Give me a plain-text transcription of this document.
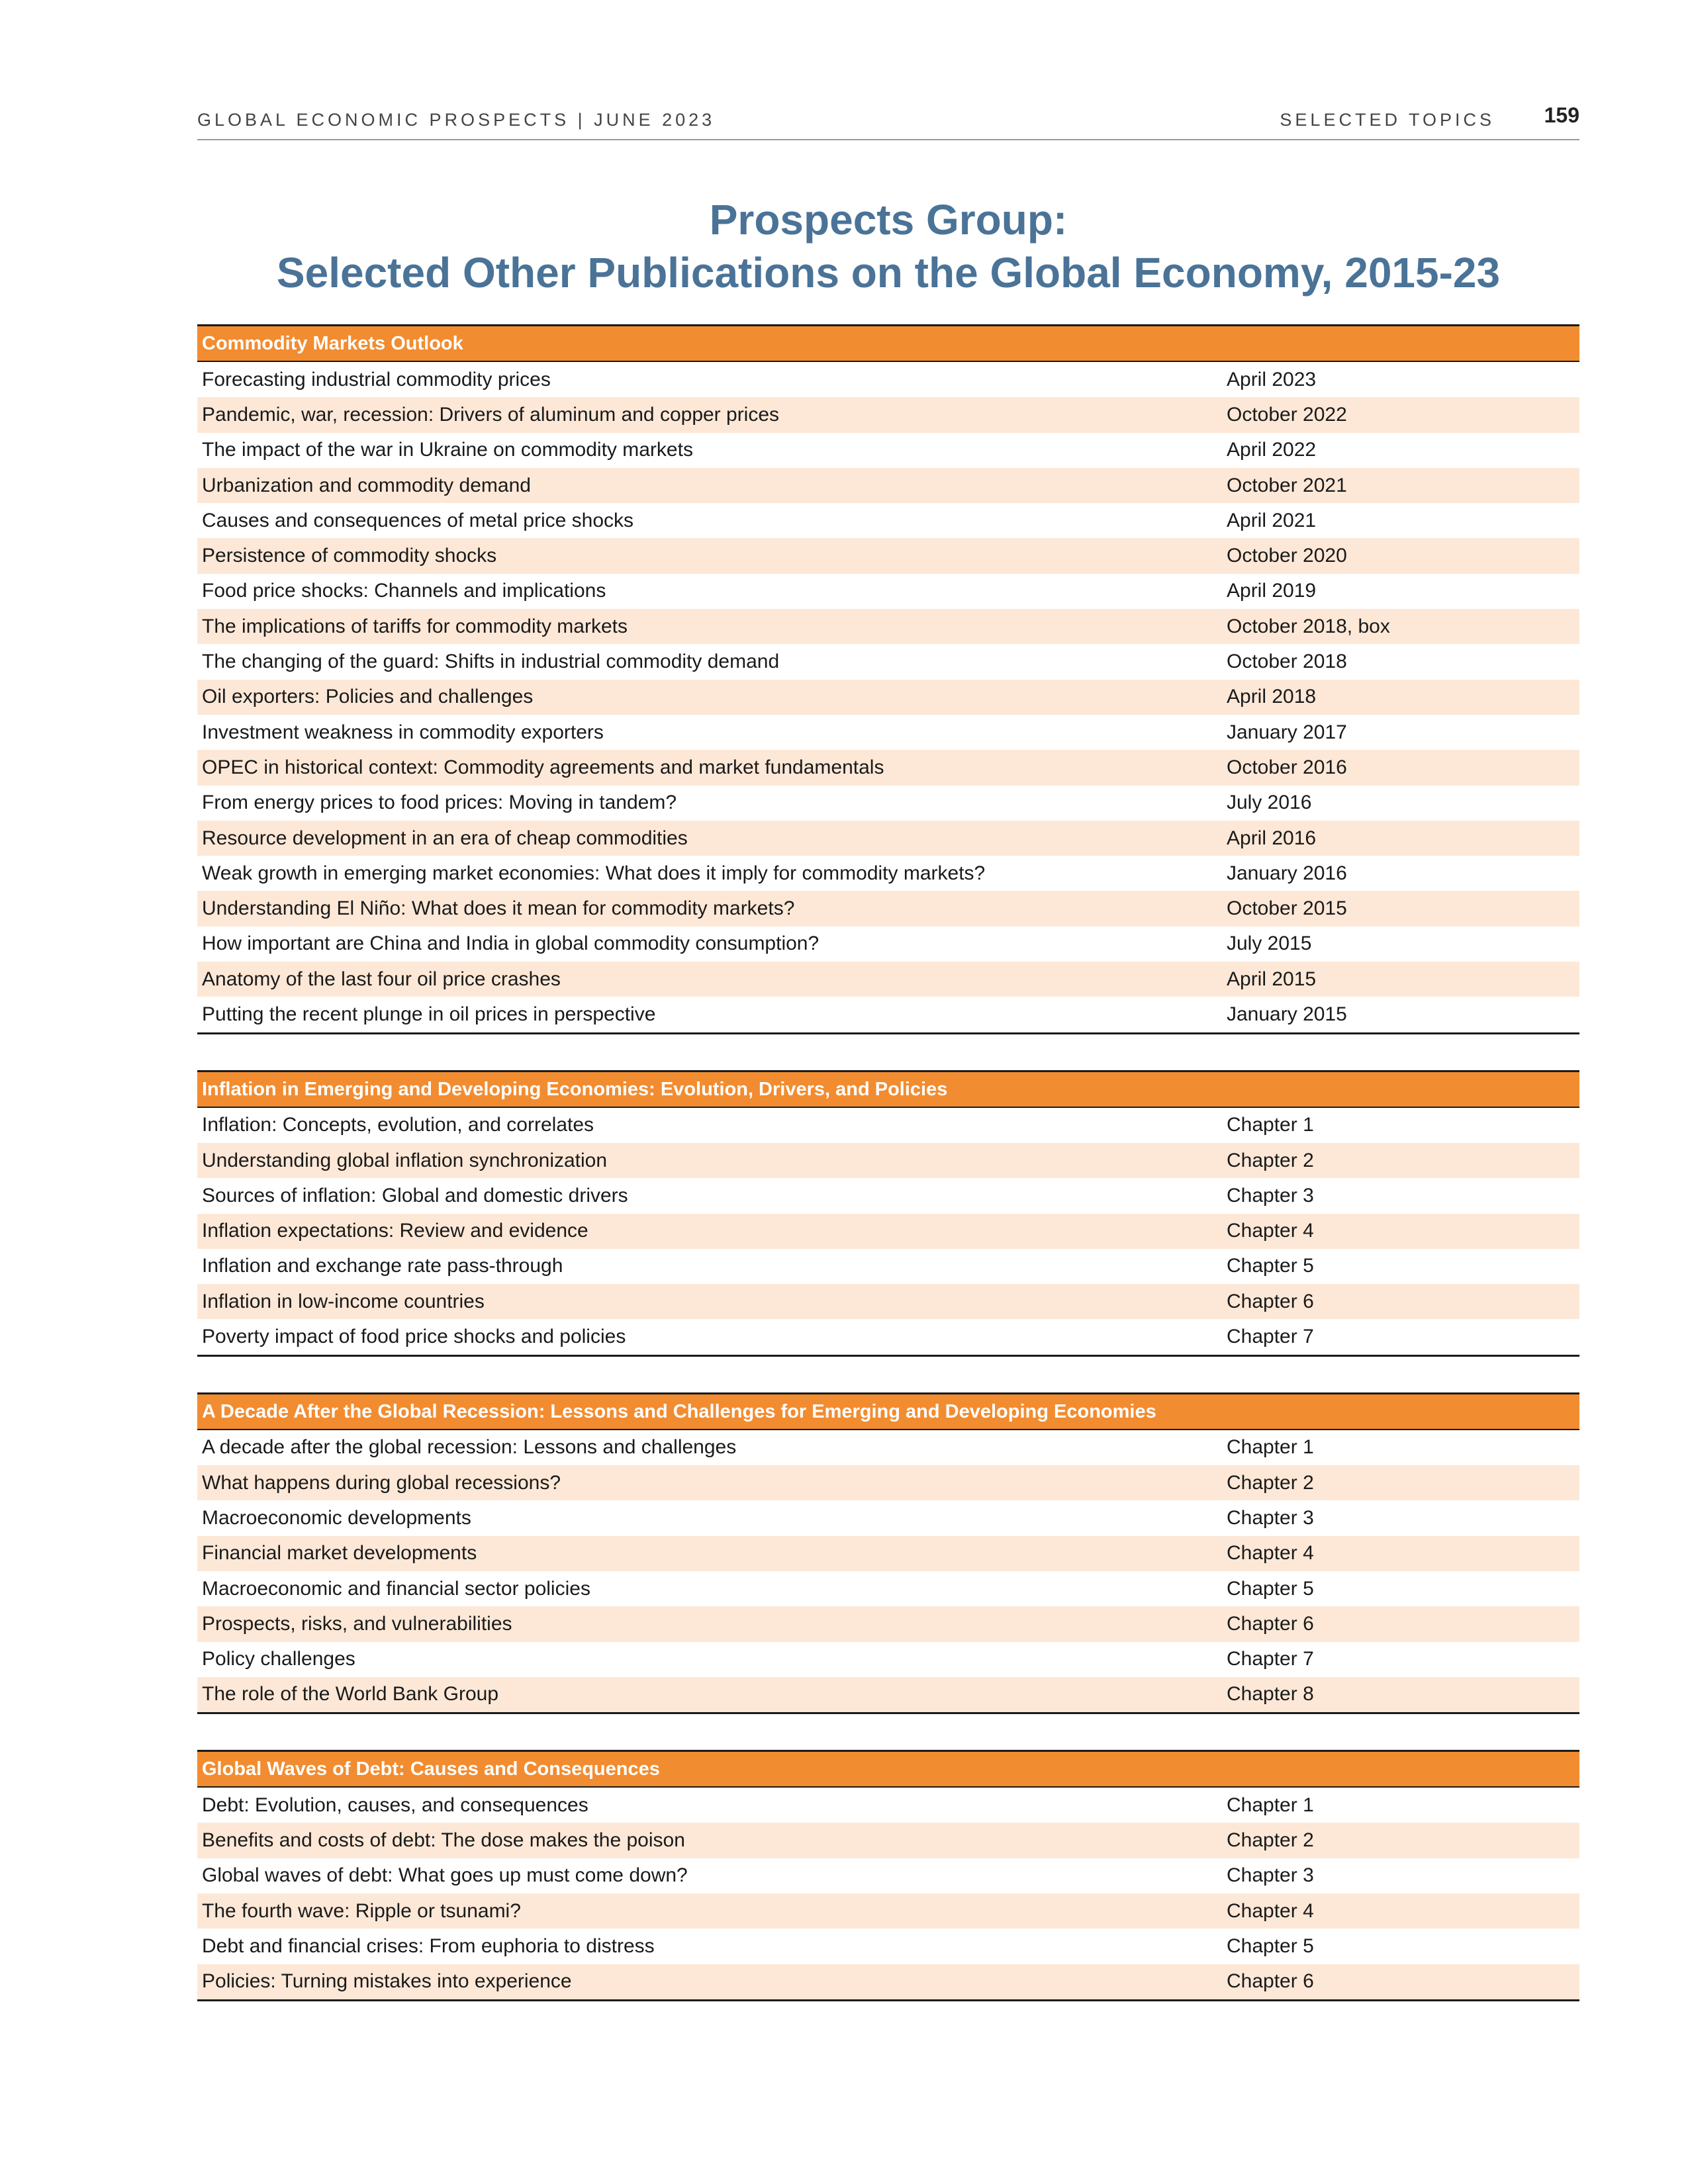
GLOBAL ECONOMIC PROSPECTS | JUNE 2023	SELECTED TOPICS 159
Prospects Group:
Selected Other Publications on the Global Economy, 2015-23
Commodity Markets Outlook
Forecasting industrial commodity prices	April 2023
Pandemic, war, recession: Drivers of aluminum and copper prices	October 2022
The impact of the war in Ukraine on commodity markets	April 2022
Urbanization and commodity demand	October 2021
Causes and consequences of metal price shocks	April 2021
Persistence of commodity shocks	October 2020
Food price shocks: Channels and implications	April 2019
The implications of tariffs for commodity markets	October 2018, box
The changing of the guard: Shifts in industrial commodity demand	October 2018
Oil exporters: Policies and challenges	April 2018
Investment weakness in commodity exporters	January 2017
OPEC in historical context: Commodity agreements and market fundamentals	October 2016
From energy prices to food prices: Moving in tandem?	July 2016
Resource development in an era of cheap commodities	April 2016
Weak growth in emerging market economies: What does it imply for commodity markets?	January 2016
Understanding El Niño: What does it mean for commodity markets?	October 2015
How important are China and India in global commodity consumption?	July 2015
Anatomy of the last four oil price crashes	April 2015
Putting the recent plunge in oil prices in perspective	January 2015
Inflation in Emerging and Developing Economies: Evolution, Drivers, and Policies
Inflation: Concepts, evolution, and correlates	Chapter 1
Understanding global inflation synchronization	Chapter 2
Sources of inflation: Global and domestic drivers	Chapter 3
Inflation expectations: Review and evidence	Chapter 4
Inflation and exchange rate pass-through	Chapter 5
Inflation in low-income countries	Chapter 6
Poverty impact of food price shocks and policies	Chapter 7
A Decade After the Global Recession: Lessons and Challenges for Emerging and Developing Economies
A decade after the global recession: Lessons and challenges	Chapter 1
What happens during global recessions?	Chapter 2
Macroeconomic developments	Chapter 3
Financial market developments	Chapter 4
Macroeconomic and financial sector policies	Chapter 5
Prospects, risks, and vulnerabilities	Chapter 6
Policy challenges	Chapter 7
The role of the World Bank Group	Chapter 8
Global Waves of Debt: Causes and Consequences
Debt: Evolution, causes, and consequences	Chapter 1
Benefits and costs of debt: The dose makes the poison	Chapter 2
Global waves of debt: What goes up must come down?	Chapter 3
The fourth wave: Ripple or tsunami?	Chapter 4
Debt and financial crises: From euphoria to distress	Chapter 5
Policies: Turning mistakes into experience	Chapter 6
